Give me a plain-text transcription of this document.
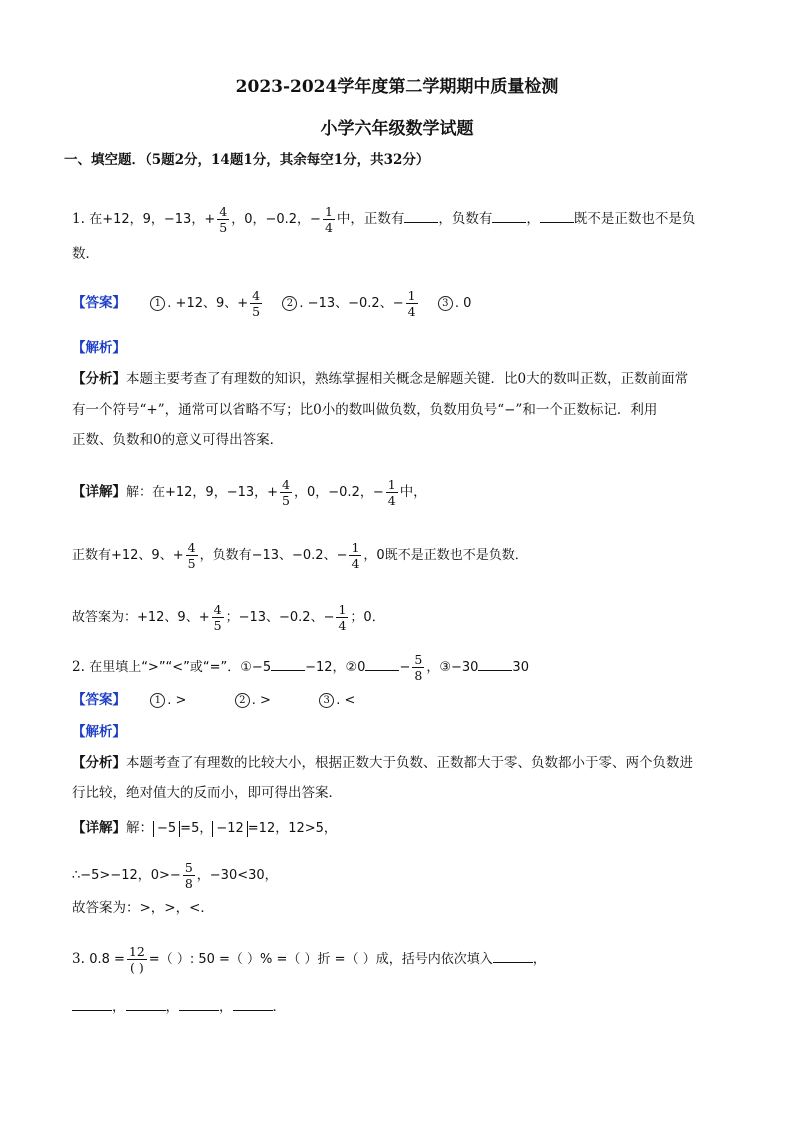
2023-2024学年度第二学期期中质量检测
小学六年级数学试题
一、填空题．（5题2分，14题1分，其余每空1分，共32分）
1. 在+12，9，−13，+ $\frac{4}{5}$ ，0，−0.2，− $\frac{1}{4}$ 中，正数有	，负数有	，	既不是正数也不是负
数．
【答案】	1 . +12、9、+ $\frac{4}{5} 2$ . −13、−0.2、− $\frac{1}{4} 3$ . 0
【解析】
【分析】本题主要考查了有理数的知识，熟练掌握相关概念是解题关键．比0大的数叫正数，正数前面常
有一个符号“+”，通常可以省略不写；比0小的数叫做负数，负数用负号“−”和一个正数标记．利用
正数、负数和0的意义可得出答案．
【详解】解：在+12，9，−13，+ $\frac{4}{5}$ ，0，−0.2，− $\frac{1}{4}$ 中，
正数有+12、9、+ $\frac{4}{5}$ ，负数有−13、−0.2、− $\frac{1}{4}$ ，0既不是正数也不是负数．
故答案为：+12、9、+ $\frac{4}{5}$ ；−13、−0.2、− $\frac{1}{4}$ ；0．
2. 在里填上“>”“<”或“=”．①−5	−12，②0	− $\frac{5}{8}$ ，③−30	30
【答案】	1 . >	2 . >	3 . <
【解析】
【分析】本题考查了有理数的比较大小，根据正数大于负数、正数都大于零、负数都小于零、两个负数进
行比较，绝对值大的反而小，即可得出答案．
【详解】解： −5 =5， −12 =12，12>5，
∴−5>−12，$0>- \frac{5}{8}$ ，−30<30，
故答案为：>，>，<．
3. $0.8 = \frac{12}{( )}$ =（ ）: 50 =（ ）% =（ ）折 =（ ）成，括号内依次填入	，
，	，	，	．
